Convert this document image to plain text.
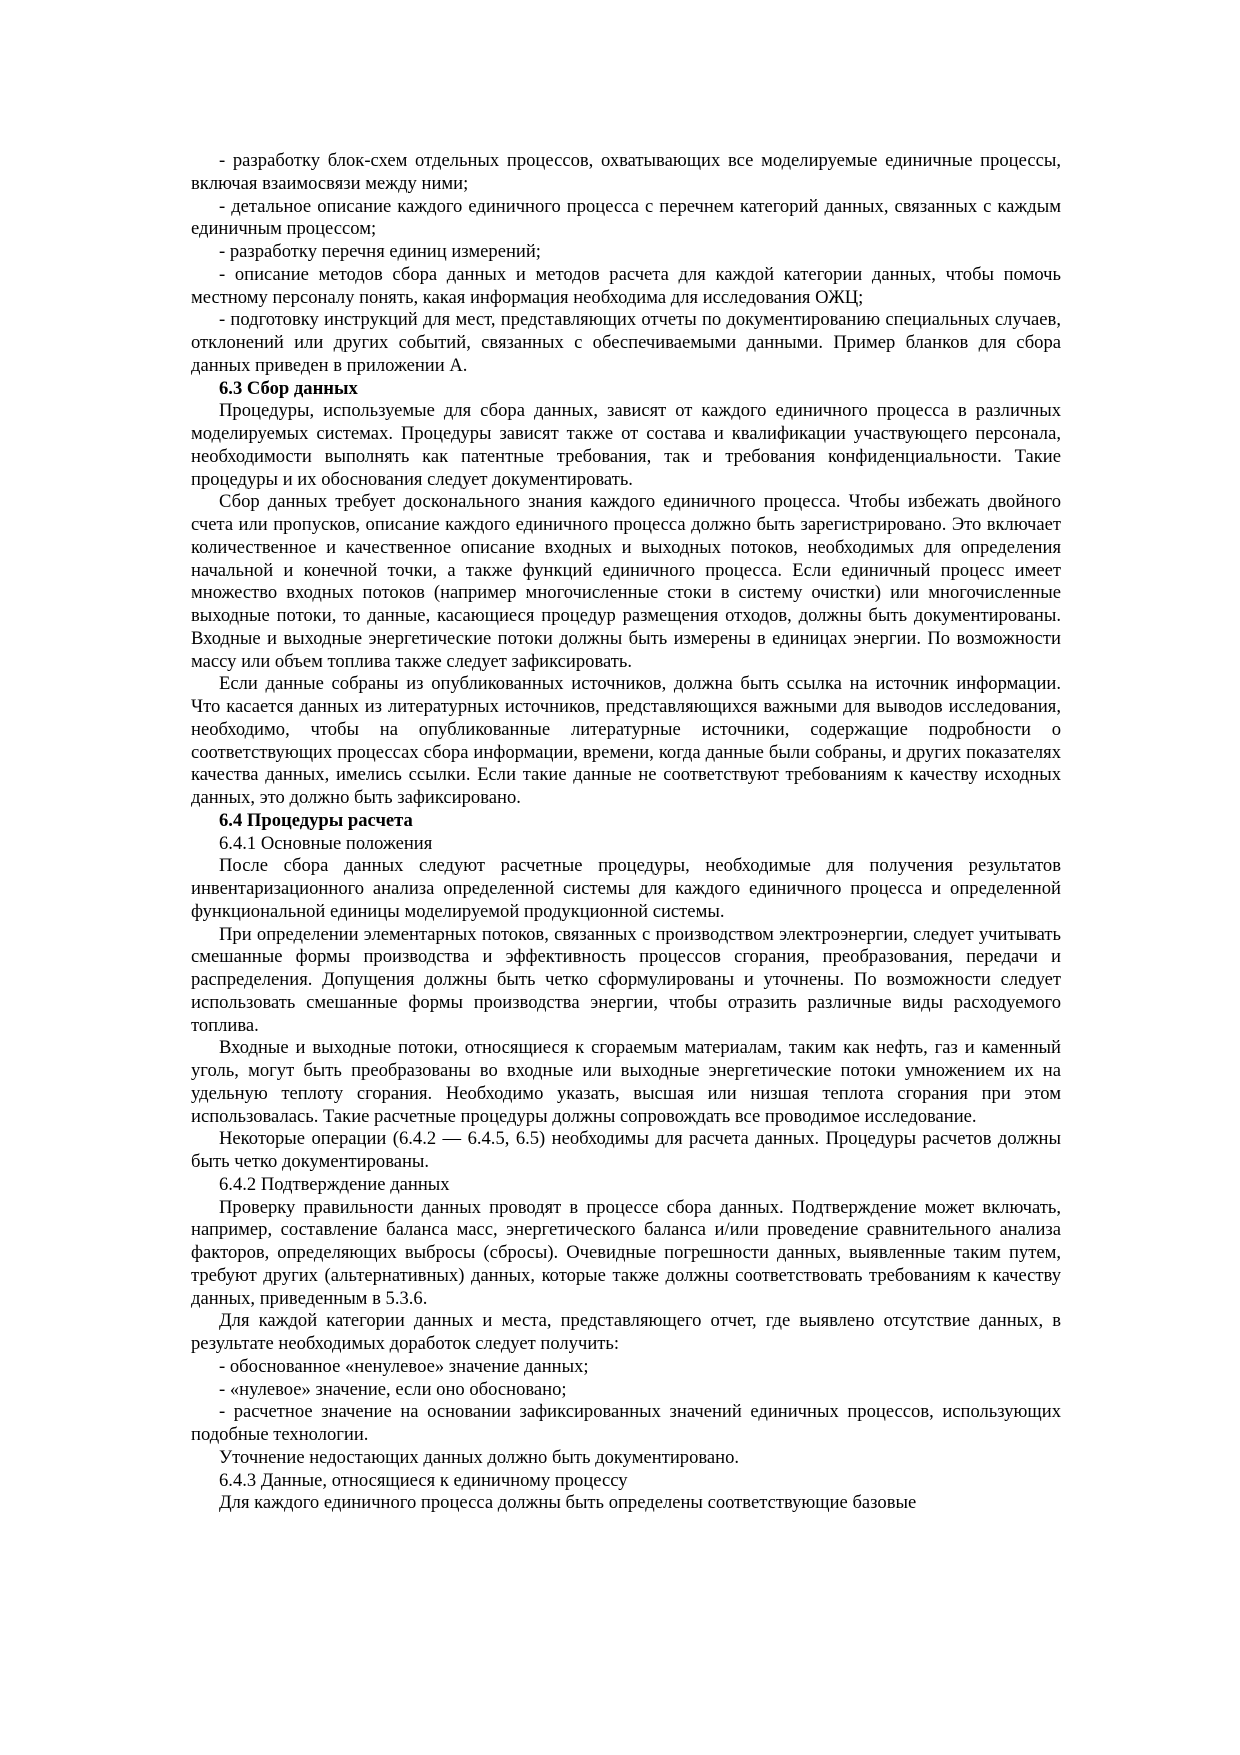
- разработку блок-схем отдельных процессов, охватывающих все моделируемые единичные процессы, включая взаимосвязи между ними;

- детальное описание каждого единичного процесса с перечнем категорий данных, связанных с каждым единичным процессом;

- разработку перечня единиц измерений;

- описание методов сбора данных и методов расчета для каждой категории данных, чтобы помочь местному персоналу понять, какая информация необходима для исследования ОЖЦ;

- подготовку инструкций для мест, представляющих отчеты по документированию специальных случаев, отклонений или других событий, связанных с обеспечиваемыми данными. Пример бланков для сбора данных приведен в приложении А.

6.3 Сбор данных

Процедуры, используемые для сбора данных, зависят от каждого единичного процесса в различных моделируемых системах. Процедуры зависят также от состава и квалификации участвующего персонала, необходимости выполнять как патентные требования, так и требования конфиденциальности. Такие процедуры и их обоснования следует документировать.

Сбор данных требует досконального знания каждого единичного процесса. Чтобы избежать двойного счета или пропусков, описание каждого единичного процесса должно быть зарегистрировано. Это включает количественное и качественное описание входных и выходных потоков, необходимых для определения начальной и конечной точки, а также функций единичного процесса. Если единичный процесс имеет множество входных потоков (например многочисленные стоки в систему очистки) или многочисленные выходные потоки, то данные, касающиеся процедур размещения отходов, должны быть документированы. Входные и выходные энергетические потоки должны быть измерены в единицах энергии. По возможности массу или объем топлива также следует зафиксировать.

Если данные собраны из опубликованных источников, должна быть ссылка на источник информации. Что касается данных из литературных источников, представляющихся важными для выводов исследования, необходимо, чтобы на опубликованные литературные источники, содержащие подробности о соответствующих процессах сбора информации, времени, когда данные были собраны, и других показателях качества данных, имелись ссылки. Если такие данные не соответствуют требованиям к качеству исходных данных, это должно быть зафиксировано.

6.4 Процедуры расчета

6.4.1 Основные положения

После сбора данных следуют расчетные процедуры, необходимые для получения результатов инвентаризационного анализа определенной системы для каждого единичного процесса и определенной функциональной единицы моделируемой продукционной системы.

При определении элементарных потоков, связанных с производством электроэнергии, следует учитывать смешанные формы производства и эффективность процессов сгорания, преобразования, передачи и распределения. Допущения должны быть четко сформулированы и уточнены. По возможности следует использовать смешанные формы производства энергии, чтобы отразить различные виды расходуемого топлива.

Входные и выходные потоки, относящиеся к сгораемым материалам, таким как нефть, газ и каменный уголь, могут быть преобразованы во входные или выходные энергетические потоки умножением их на удельную теплоту сгорания. Необходимо указать, высшая или низшая теплота сгорания при этом использовалась. Такие расчетные процедуры должны сопровождать все проводимое исследование.

Некоторые операции (6.4.2 — 6.4.5, 6.5) необходимы для расчета данных. Процедуры расчетов должны быть четко документированы.

6.4.2 Подтверждение данных

Проверку правильности данных проводят в процессе сбора данных. Подтверждение может включать, например, составление баланса масс, энергетического баланса и/или проведение сравнительного анализа факторов, определяющих выбросы (сбросы). Очевидные погрешности данных, выявленные таким путем, требуют других (альтернативных) данных, которые также должны соответствовать требованиям к качеству данных, приведенным в 5.3.6.

Для каждой категории данных и места, представляющего отчет, где выявлено отсутствие данных, в результате необходимых доработок следует получить:

- обоснованное «ненулевое» значение данных;

- «нулевое» значение, если оно обосновано;

- расчетное значение на основании зафиксированных значений единичных процессов, использующих подобные технологии.

Уточнение недостающих данных должно быть документировано.

6.4.3 Данные, относящиеся к единичному процессу

Для каждого единичного процесса должны быть определены соответствующие базовые
